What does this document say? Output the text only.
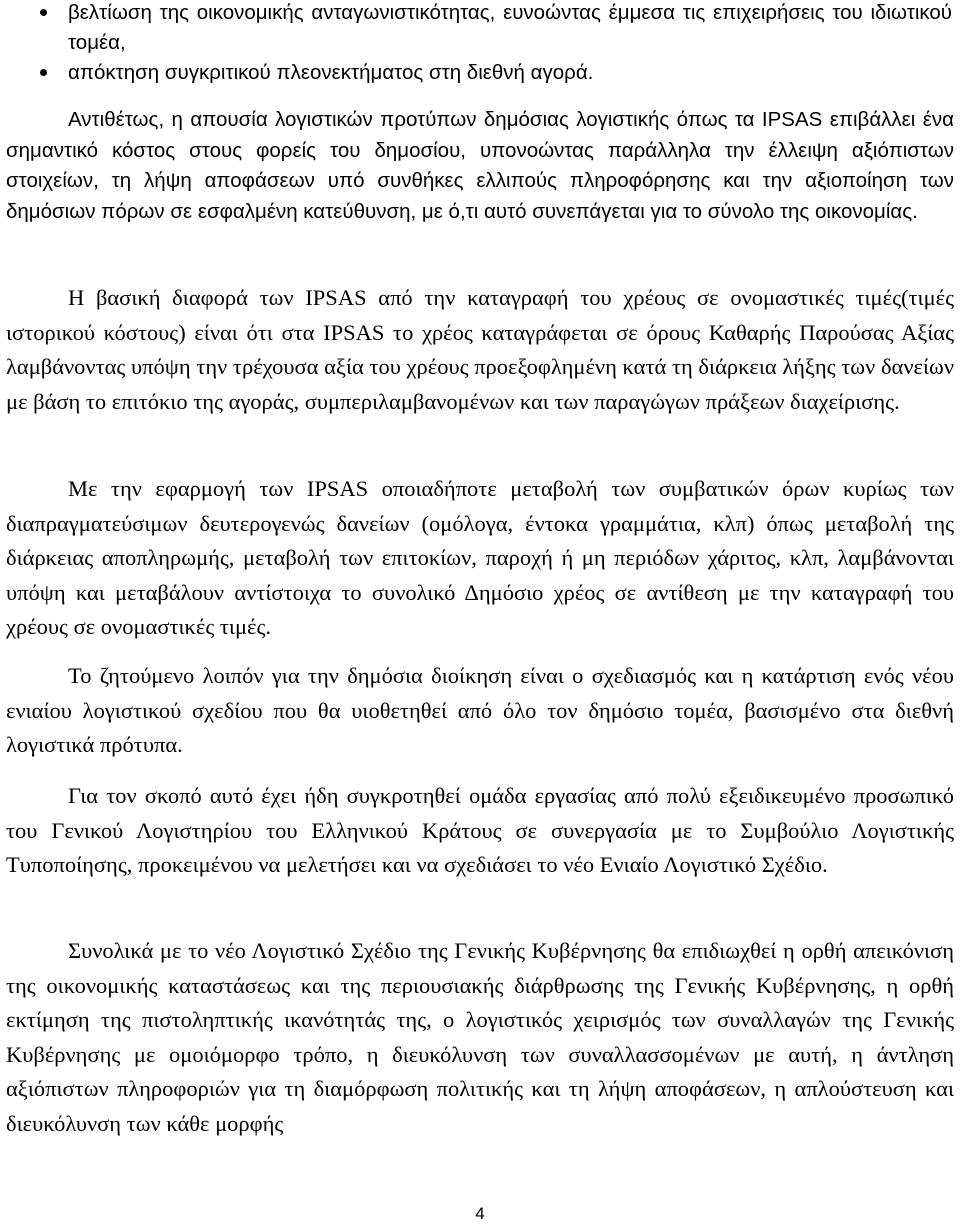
βελτίωση της οικονομικής ανταγωνιστικότητας, ευνοώντας έμμεσα τις επιχειρήσεις του ιδιωτικού τομέα,
απόκτηση συγκριτικού πλεονεκτήματος στη διεθνή αγορά.

Αντιθέτως, η απουσία λογιστικών προτύπων δημόσιας λογιστικής όπως τα IPSAS επιβάλλει ένα σημαντικό κόστος στους φορείς του δημοσίου, υπονοώντας παράλληλα την έλλειψη αξιόπιστων στοιχείων, τη λήψη αποφάσεων υπό συνθήκες ελλιπούς πληροφόρησης και την αξιοποίηση των δημόσιων πόρων σε εσφαλμένη κατεύθυνση, με ό,τι αυτό συνεπάγεται για το σύνολο της οικονομίας.

Η βασική διαφορά των IPSAS από την καταγραφή του χρέους σε ονομαστικές τιμές(τιμές ιστορικού κόστους) είναι ότι στα IPSAS το χρέος καταγράφεται σε όρους Καθαρής Παρούσας Αξίας λαμβάνοντας υπόψη την τρέχουσα αξία του χρέους προεξοφλημένη κατά τη διάρκεια λήξης των δανείων με βάση το επιτόκιο της αγοράς, συμπεριλαμβανομένων και των παραγώγων πράξεων διαχείρισης.

Με την εφαρμογή των IPSAS οποιαδήποτε μεταβολή των συμβατικών όρων κυρίως των διαπραγματεύσιμων δευτερογενώς δανείων (ομόλογα, έντοκα γραμμάτια, κλπ) όπως μεταβολή της διάρκειας αποπληρωμής, μεταβολή των επιτοκίων, παροχή ή μη περιόδων χάριτος, κλπ, λαμβάνονται υπόψη και μεταβάλουν αντίστοιχα το συνολικό Δημόσιο χρέος σε αντίθεση με την καταγραφή του χρέους σε ονομαστικές τιμές.

Το ζητούμενο λοιπόν για την δημόσια διοίκηση είναι ο σχεδιασμός και η κατάρτιση ενός νέου ενιαίου λογιστικού σχεδίου που θα υιοθετηθεί από όλο τον δημόσιο τομέα, βασισμένο στα διεθνή λογιστικά πρότυπα.

Για τον σκοπό αυτό έχει ήδη συγκροτηθεί ομάδα εργασίας από πολύ εξειδικευμένο προσωπικό του Γενικού Λογιστηρίου του Ελληνικού Κράτους σε συνεργασία με το Συμβούλιο Λογιστικής Τυποποίησης, προκειμένου να μελετήσει και να σχεδιάσει το νέο Ενιαίο Λογιστικό Σχέδιο.

Συνολικά με το νέο Λογιστικό Σχέδιο της Γενικής Κυβέρνησης θα επιδιωχθεί η ορθή απεικόνιση της οικονομικής καταστάσεως και της περιουσιακής διάρθρωσης της Γενικής Κυβέρνησης, η ορθή εκτίμηση της πιστοληπτικής ικανότητάς της, ο λογιστικός χειρισμός των συναλλαγών της Γενικής Κυβέρνησης με ομοιόμορφο τρόπο, η διευκόλυνση των συναλλασσομένων με αυτή, η άντληση αξιόπιστων πληροφοριών για τη διαμόρφωση πολιτικής και τη λήψη αποφάσεων, η απλούστευση και διευκόλυνση των κάθε μορφής

4
